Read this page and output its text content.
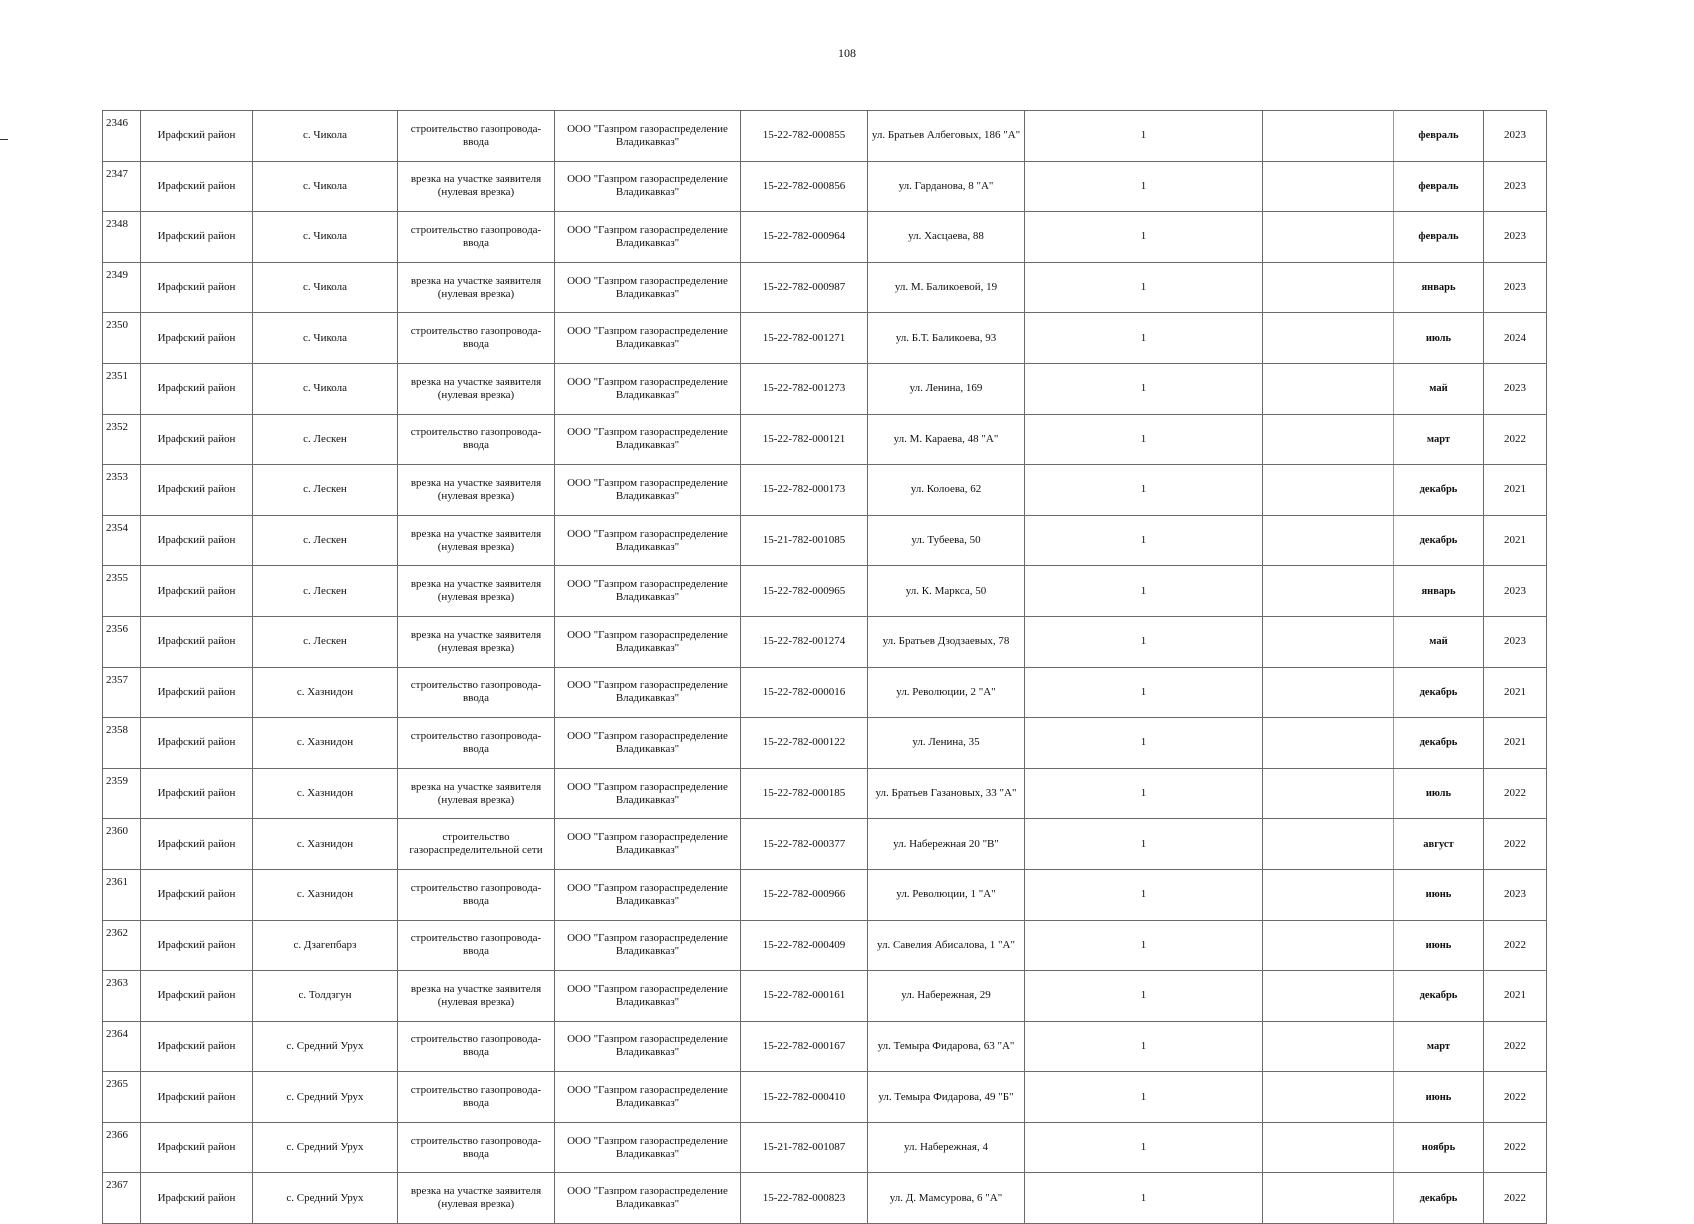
108
2346	Ирафский район	с. Чикола	строительство газопровода-ввода	ООО "Газпром газораспределение Владикавказ"	15-22-782-000855	ул. Братьев Албеговых, 186 "А"	1		февраль	2023
2347	Ирафский район	с. Чикола	врезка на участке заявителя (нулевая врезка)	ООО "Газпром газораспределение Владикавказ"	15-22-782-000856	ул. Гарданова, 8 "А"	1		февраль	2023
2348	Ирафский район	с. Чикола	строительство газопровода-ввода	ООО "Газпром газораспределение Владикавказ"	15-22-782-000964	ул. Хасцаева, 88	1		февраль	2023
2349	Ирафский район	с. Чикола	врезка на участке заявителя (нулевая врезка)	ООО "Газпром газораспределение Владикавказ"	15-22-782-000987	ул. М. Баликоевой, 19	1		январь	2023
2350	Ирафский район	с. Чикола	строительство газопровода-ввода	ООО "Газпром газораспределение Владикавказ"	15-22-782-001271	ул. Б.Т. Баликоева, 93	1		июль	2024
2351	Ирафский район	с. Чикола	врезка на участке заявителя (нулевая врезка)	ООО "Газпром газораспределение Владикавказ"	15-22-782-001273	ул. Ленина, 169	1		май	2023
2352	Ирафский район	с. Лескен	строительство газопровода-ввода	ООО "Газпром газораспределение Владикавказ"	15-22-782-000121	ул. М. Караева, 48 "А"	1		март	2022
2353	Ирафский район	с. Лескен	врезка на участке заявителя (нулевая врезка)	ООО "Газпром газораспределение Владикавказ"	15-22-782-000173	ул. Колоева, 62	1		декабрь	2021
2354	Ирафский район	с. Лескен	врезка на участке заявителя (нулевая врезка)	ООО "Газпром газораспределение Владикавказ"	15-21-782-001085	ул. Тубеева, 50	1		декабрь	2021
2355	Ирафский район	с. Лескен	врезка на участке заявителя (нулевая врезка)	ООО "Газпром газораспределение Владикавказ"	15-22-782-000965	ул. К. Маркса, 50	1		январь	2023
2356	Ирафский район	с. Лескен	врезка на участке заявителя (нулевая врезка)	ООО "Газпром газораспределение Владикавказ"	15-22-782-001274	ул. Братьев Дзодзаевых, 78	1		май	2023
2357	Ирафский район	с. Хазнидон	строительство газопровода-ввода	ООО "Газпром газораспределение Владикавказ"	15-22-782-000016	ул. Революции, 2 "А"	1		декабрь	2021
2358	Ирафский район	с. Хазнидон	строительство газопровода-ввода	ООО "Газпром газораспределение Владикавказ"	15-22-782-000122	ул. Ленина, 35	1		декабрь	2021
2359	Ирафский район	с. Хазнидон	врезка на участке заявителя (нулевая врезка)	ООО "Газпром газораспределение Владикавказ"	15-22-782-000185	ул. Братьев Газановых, 33 "А"	1		июль	2022
2360	Ирафский район	с. Хазнидон	строительство газораспределительной сети	ООО "Газпром газораспределение Владикавказ"	15-22-782-000377	ул. Набережная 20 "В"	1		август	2022
2361	Ирафский район	с. Хазнидон	строительство газопровода-ввода	ООО "Газпром газораспределение Владикавказ"	15-22-782-000966	ул. Революции, 1 "А"	1		июнь	2023
2362	Ирафский район	с. Дзагепбарз	строительство газопровода-ввода	ООО "Газпром газораспределение Владикавказ"	15-22-782-000409	ул. Савелия Абисалова, 1 "А"	1		июнь	2022
2363	Ирафский район	с. Толдзгун	врезка на участке заявителя (нулевая врезка)	ООО "Газпром газораспределение Владикавказ"	15-22-782-000161	ул. Набережная, 29	1		декабрь	2021
2364	Ирафский район	с. Средний Урух	строительство газопровода-ввода	ООО "Газпром газораспределение Владикавказ"	15-22-782-000167	ул. Темыра Фидарова, 63 "А"	1		март	2022
2365	Ирафский район	с. Средний Урух	строительство газопровода-ввода	ООО "Газпром газораспределение Владикавказ"	15-22-782-000410	ул. Темыра Фидарова, 49 "Б"	1		июнь	2022
2366	Ирафский район	с. Средний Урух	строительство газопровода-ввода	ООО "Газпром газораспределение Владикавказ"	15-21-782-001087	ул. Набережная, 4	1		ноябрь	2022
2367	Ирафский район	с. Средний Урух	врезка на участке заявителя (нулевая врезка)	ООО "Газпром газораспределение Владикавказ"	15-22-782-000823	ул. Д. Мамсурова, 6 "А"	1		декабрь	2022
